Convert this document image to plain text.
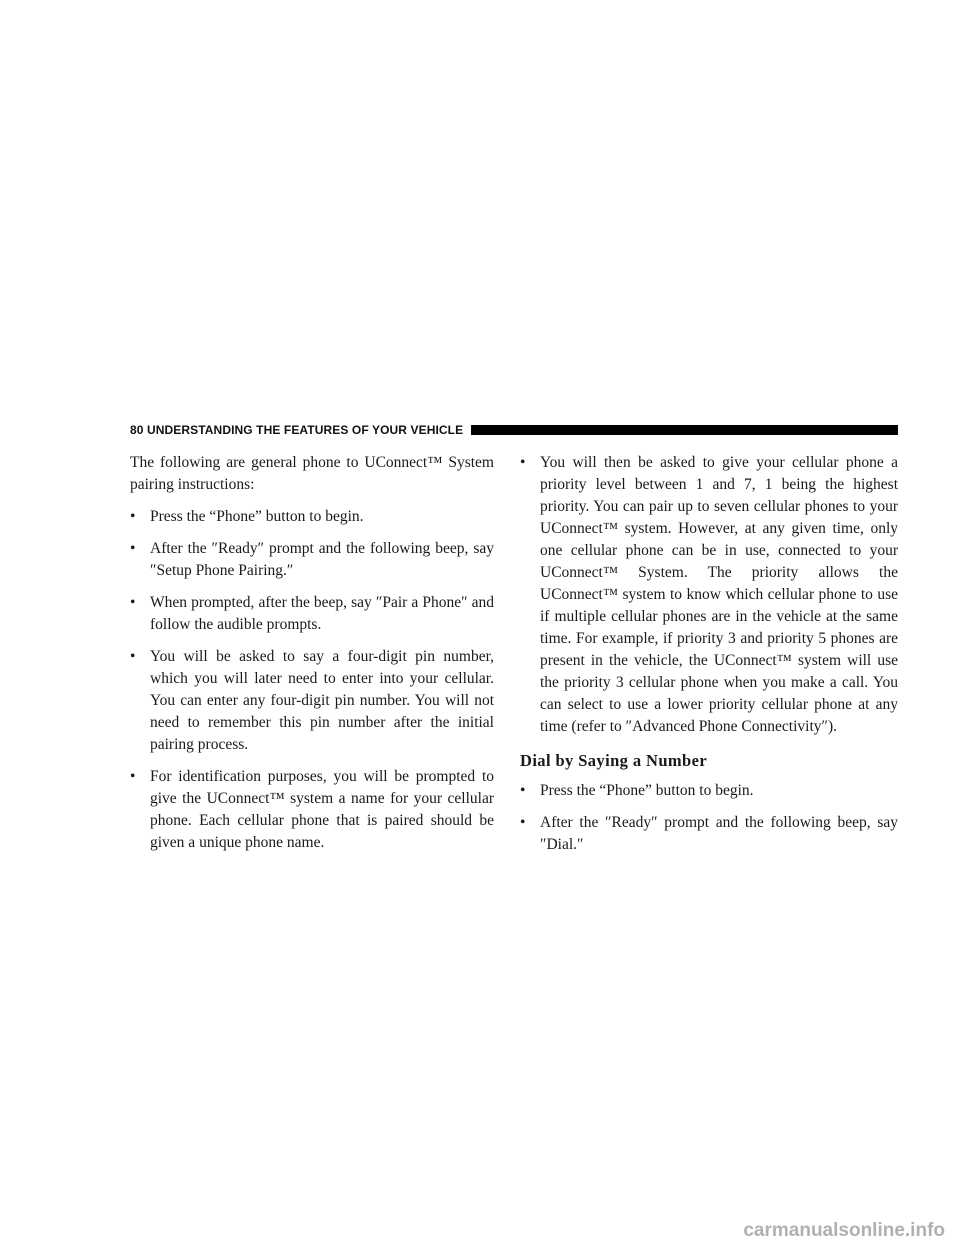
80 UNDERSTANDING THE FEATURES OF YOUR VEHICLE

The following are general phone to UConnect™ System pairing instructions:

• Press the “Phone” button to begin.
• After the ″Ready″ prompt and the following beep, say ″Setup Phone Pairing.″
• When prompted, after the beep, say ″Pair a Phone″ and follow the audible prompts.
• You will be asked to say a four-digit pin number, which you will later need to enter into your cellular. You can enter any four-digit pin number. You will not need to remember this pin number after the initial pairing process.
• For identification purposes, you will be prompted to give the UConnect™ system a name for your cellular phone. Each cellular phone that is paired should be given a unique phone name.
• You will then be asked to give your cellular phone a priority level between 1 and 7, 1 being the highest priority. You can pair up to seven cellular phones to your UConnect™ system. However, at any given time, only one cellular phone can be in use, connected to your UConnect™ System. The priority allows the UConnect™ system to know which cellular phone to use if multiple cellular phones are in the vehicle at the same time. For example, if priority 3 and priority 5 phones are present in the vehicle, the UConnect™ system will use the priority 3 cellular phone when you make a call. You can select to use a lower priority cellular phone at any time (refer to ″Advanced Phone Connectivity″).
Dial by Saying a Number
• Press the “Phone” button to begin.
• After the ″Ready″ prompt and the following beep, say ″Dial.″
carmanualsonline.info
